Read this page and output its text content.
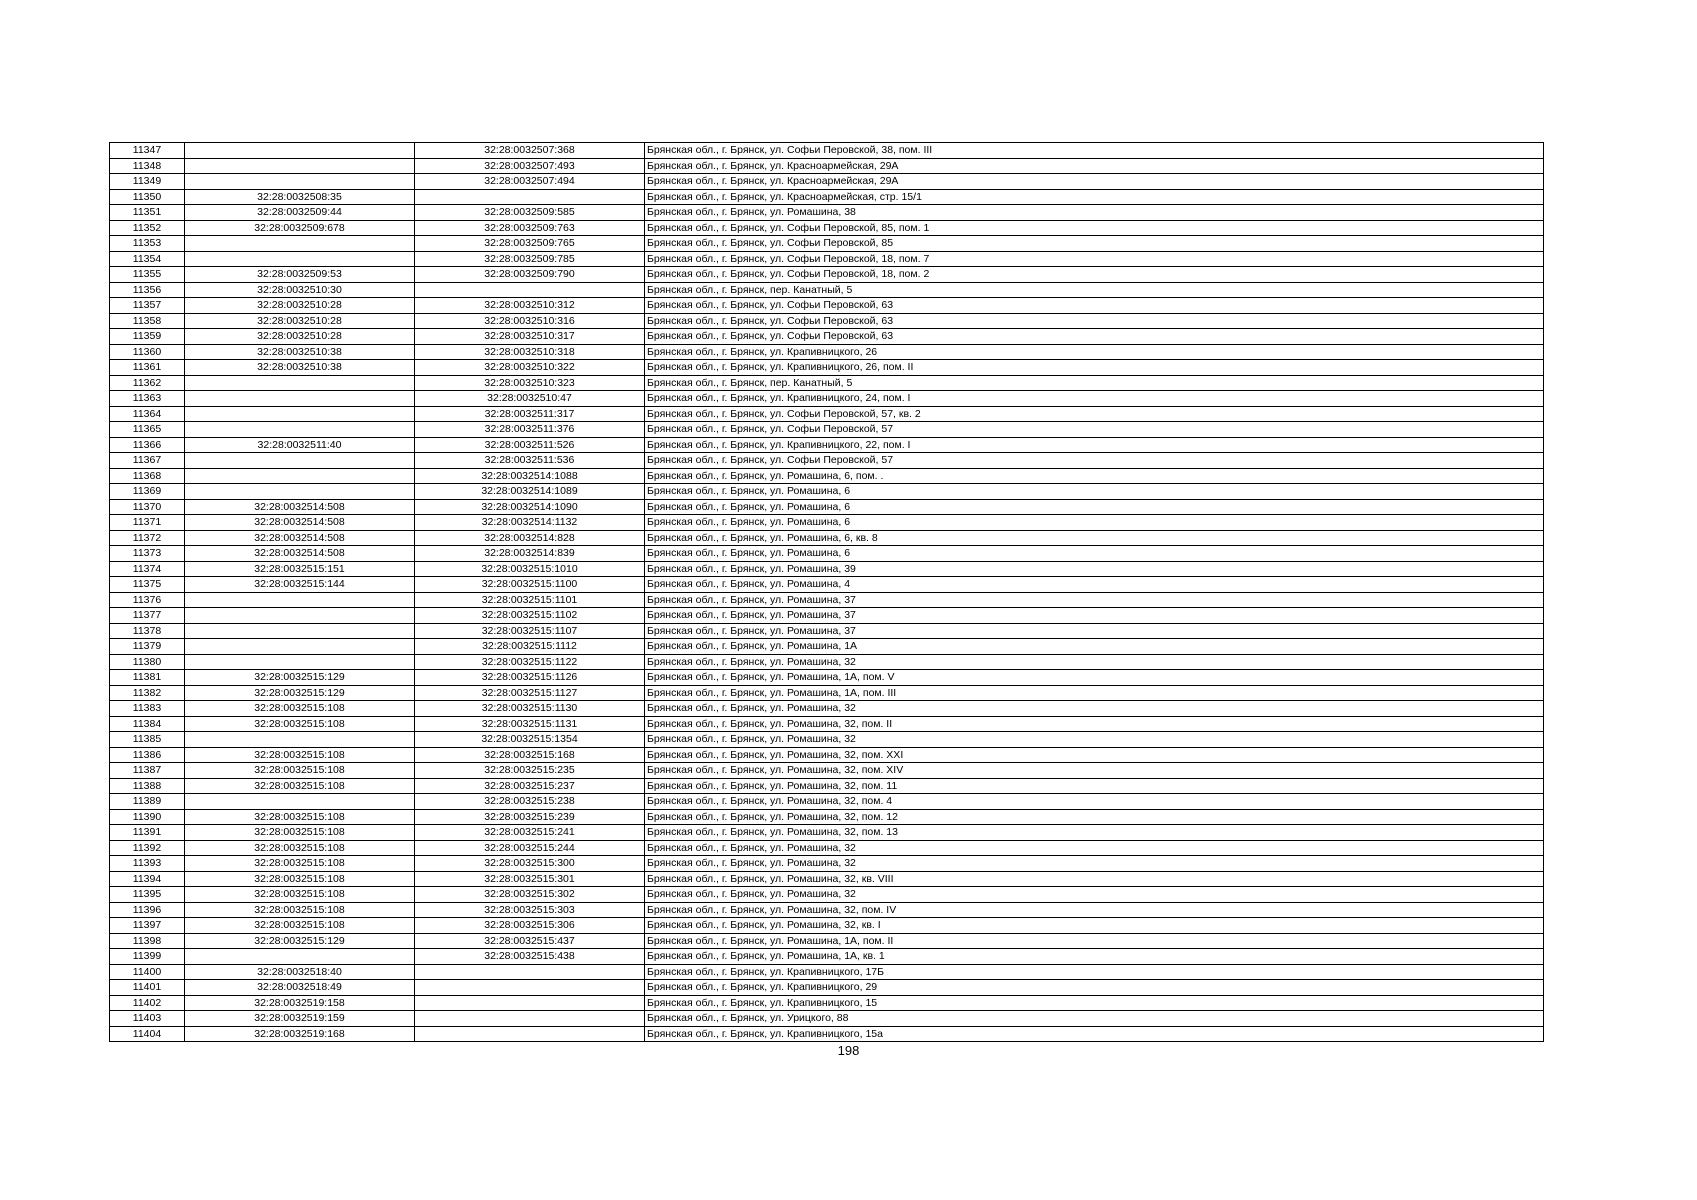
11347		32:28:0032507:368	Брянская обл., г. Брянск, ул. Софьи Перовской, 38, пом. III
11348		32:28:0032507:493	Брянская обл., г. Брянск, ул. Красноармейская, 29А
11349		32:28:0032507:494	Брянская обл., г. Брянск, ул. Красноармейская, 29А
11350	32:28:0032508:35		Брянская обл., г. Брянск, ул. Красноармейская, стр. 15/1
11351	32:28:0032509:44	32:28:0032509:585	Брянская обл., г. Брянск, ул. Ромашина, 38
11352	32:28:0032509:678	32:28:0032509:763	Брянская обл., г. Брянск, ул. Софьи Перовской, 85, пом. 1
11353		32:28:0032509:765	Брянская обл., г. Брянск, ул. Софьи Перовской, 85
11354		32:28:0032509:785	Брянская обл., г. Брянск, ул. Софьи Перовской, 18, пом. 7
11355	32:28:0032509:53	32:28:0032509:790	Брянская обл., г. Брянск, ул. Софьи Перовской, 18, пом. 2
11356	32:28:0032510:30		Брянская обл., г. Брянск, пер. Канатный, 5
11357	32:28:0032510:28	32:28:0032510:312	Брянская обл., г. Брянск, ул. Софьи Перовской, 63
11358	32:28:0032510:28	32:28:0032510:316	Брянская обл., г. Брянск, ул. Софьи Перовской, 63
11359	32:28:0032510:28	32:28:0032510:317	Брянская обл., г. Брянск, ул. Софьи Перовской, 63
11360	32:28:0032510:38	32:28:0032510:318	Брянская обл., г. Брянск, ул. Крапивницкого, 26
11361	32:28:0032510:38	32:28:0032510:322	Брянская обл., г. Брянск, ул. Крапивницкого, 26, пом. II
11362		32:28:0032510:323	Брянская обл., г. Брянск, пер. Канатный, 5
11363		32:28:0032510:47	Брянская обл., г. Брянск, ул. Крапивницкого, 24, пом. I
11364		32:28:0032511:317	Брянская обл., г. Брянск, ул. Софьи Перовской, 57, кв. 2
11365		32:28:0032511:376	Брянская обл., г. Брянск, ул. Софьи Перовской, 57
11366	32:28:0032511:40	32:28:0032511:526	Брянская обл., г. Брянск, ул. Крапивницкого, 22, пом. I
11367		32:28:0032511:536	Брянская обл., г. Брянск, ул. Софьи Перовской, 57
11368		32:28:0032514:1088	Брянская обл., г. Брянск, ул. Ромашина, 6, пом. .
11369		32:28:0032514:1089	Брянская обл., г. Брянск, ул. Ромашина, 6
11370	32:28:0032514:508	32:28:0032514:1090	Брянская обл., г. Брянск, ул. Ромашина, 6
11371	32:28:0032514:508	32:28:0032514:1132	Брянская обл., г. Брянск, ул. Ромашина, 6
11372	32:28:0032514:508	32:28:0032514:828	Брянская обл., г. Брянск, ул. Ромашина, 6, кв. 8
11373	32:28:0032514:508	32:28:0032514:839	Брянская обл., г. Брянск, ул. Ромашина, 6
11374	32:28:0032515:151	32:28:0032515:1010	Брянская обл., г. Брянск, ул. Ромашина, 39
11375	32:28:0032515:144	32:28:0032515:1100	Брянская обл., г. Брянск, ул. Ромашина, 4
11376		32:28:0032515:1101	Брянская обл., г. Брянск, ул. Ромашина, 37
11377		32:28:0032515:1102	Брянская обл., г. Брянск, ул. Ромашина, 37
11378		32:28:0032515:1107	Брянская обл., г. Брянск, ул. Ромашина, 37
11379		32:28:0032515:1112	Брянская обл., г. Брянск, ул. Ромашина, 1А
11380		32:28:0032515:1122	Брянская обл., г. Брянск, ул. Ромашина, 32
11381	32:28:0032515:129	32:28:0032515:1126	Брянская обл., г. Брянск, ул. Ромашина, 1А, пом. V
11382	32:28:0032515:129	32:28:0032515:1127	Брянская обл., г. Брянск, ул. Ромашина, 1А, пом. III
11383	32:28:0032515:108	32:28:0032515:1130	Брянская обл., г. Брянск, ул. Ромашина, 32
11384	32:28:0032515:108	32:28:0032515:1131	Брянская обл., г. Брянск, ул. Ромашина, 32, пом. II
11385		32:28:0032515:1354	Брянская обл., г. Брянск, ул. Ромашина, 32
11386	32:28:0032515:108	32:28:0032515:168	Брянская обл., г. Брянск, ул. Ромашина, 32, пом. XXI
11387	32:28:0032515:108	32:28:0032515:235	Брянская обл., г. Брянск, ул. Ромашина, 32, пом. XIV
11388	32:28:0032515:108	32:28:0032515:237	Брянская обл., г. Брянск, ул. Ромашина, 32, пом. 11
11389		32:28:0032515:238	Брянская обл., г. Брянск, ул. Ромашина, 32, пом. 4
11390	32:28:0032515:108	32:28:0032515:239	Брянская обл., г. Брянск, ул. Ромашина, 32, пом. 12
11391	32:28:0032515:108	32:28:0032515:241	Брянская обл., г. Брянск, ул. Ромашина, 32, пом. 13
11392	32:28:0032515:108	32:28:0032515:244	Брянская обл., г. Брянск, ул. Ромашина, 32
11393	32:28:0032515:108	32:28:0032515:300	Брянская обл., г. Брянск, ул. Ромашина, 32
11394	32:28:0032515:108	32:28:0032515:301	Брянская обл., г. Брянск, ул. Ромашина, 32, кв. VIII
11395	32:28:0032515:108	32:28:0032515:302	Брянская обл., г. Брянск, ул. Ромашина, 32
11396	32:28:0032515:108	32:28:0032515:303	Брянская обл., г. Брянск, ул. Ромашина, 32, пом. IV
11397	32:28:0032515:108	32:28:0032515:306	Брянская обл., г. Брянск, ул. Ромашина, 32, кв. I
11398	32:28:0032515:129	32:28:0032515:437	Брянская обл., г. Брянск, ул. Ромашина, 1А, пом. II
11399		32:28:0032515:438	Брянская обл., г. Брянск, ул. Ромашина, 1А, кв. 1
11400	32:28:0032518:40		Брянская обл., г. Брянск, ул. Крапивницкого, 17Б
11401	32:28:0032518:49		Брянская обл., г. Брянск, ул. Крапивницкого, 29
11402	32:28:0032519:158		Брянская обл., г. Брянск, ул. Крапивницкого, 15
11403	32:28:0032519:159		Брянская обл., г. Брянск, ул. Урицкого, 88
11404	32:28:0032519:168		Брянская обл., г. Брянск, ул. Крапивницкого, 15а
198
